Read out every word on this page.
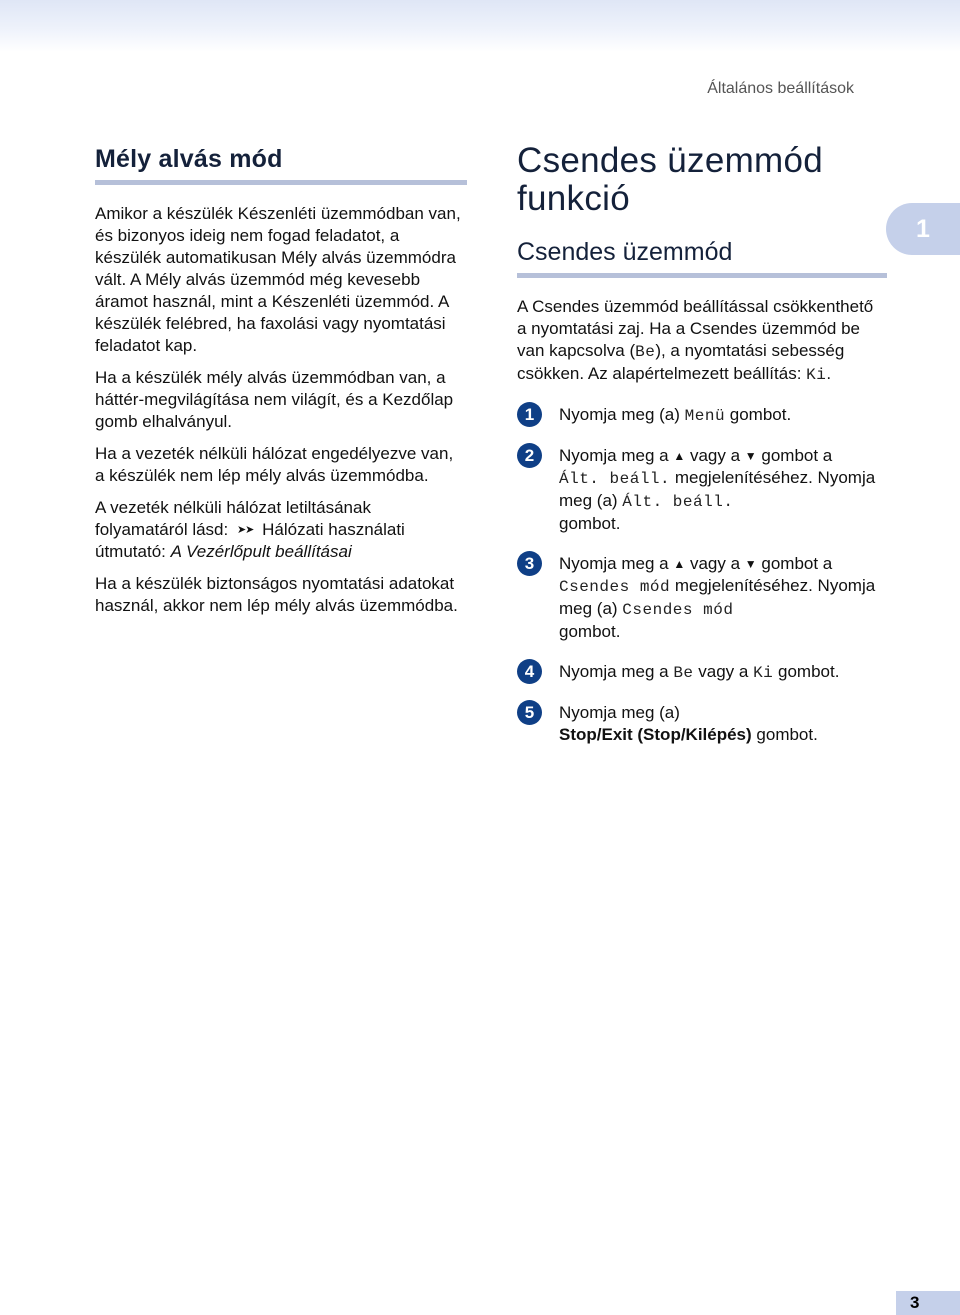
Általános beállítások
1
Mély alvás mód

Amikor a készülék Készenléti üzemmódban van, és bizonyos ideig nem fogad feladatot, a készülék automatikusan Mély alvás üzemmódra vált. A Mély alvás üzemmód még kevesebb áramot használ, mint a Készenléti üzemmód. A készülék felébred, ha faxolási vagy nyomtatási feladatot kap.

Ha a készülék mély alvás üzemmódban van, a háttér-megvilágítása nem világít, és a Kezdőlap gomb elhalványul.

Ha a vezeték nélküli hálózat engedélyezve van, a készülék nem lép mély alvás üzemmódba.

A vezeték nélküli hálózat letiltásának folyamatáról lásd: ➤➤ Hálózati használati útmutató: A Vezérlőpult beállításai

Ha a készülék biztonságos nyomtatási adatokat használ, akkor nem lép mély alvás üzemmódba.

Csendes üzemmód funkció
Csendes üzemmód

A Csendes üzemmód beállítással csökkenthető a nyomtatási zaj. Ha a Csendes üzemmód be van kapcsolva (Be), a nyomtatási sebesség csökken. Az alapértelmezett beállítás: Ki.

1	Nyomja meg (a) Menü gombot.
2	Nyomja meg a ▲ vagy a ▼ gombot a
Ált. beáll. megjelenítéséhez. Nyomja meg (a) Ált. beáll.
gombot.
3	Nyomja meg a ▲ vagy a ▼ gombot a
Csendes mód megjelenítéséhez. Nyomja meg (a) Csendes mód
gombot.
4	Nyomja meg a Be vagy a Ki gombot.
5	Nyomja meg (a)
Stop/Exit (Stop/Kilépés) gombot.
3
